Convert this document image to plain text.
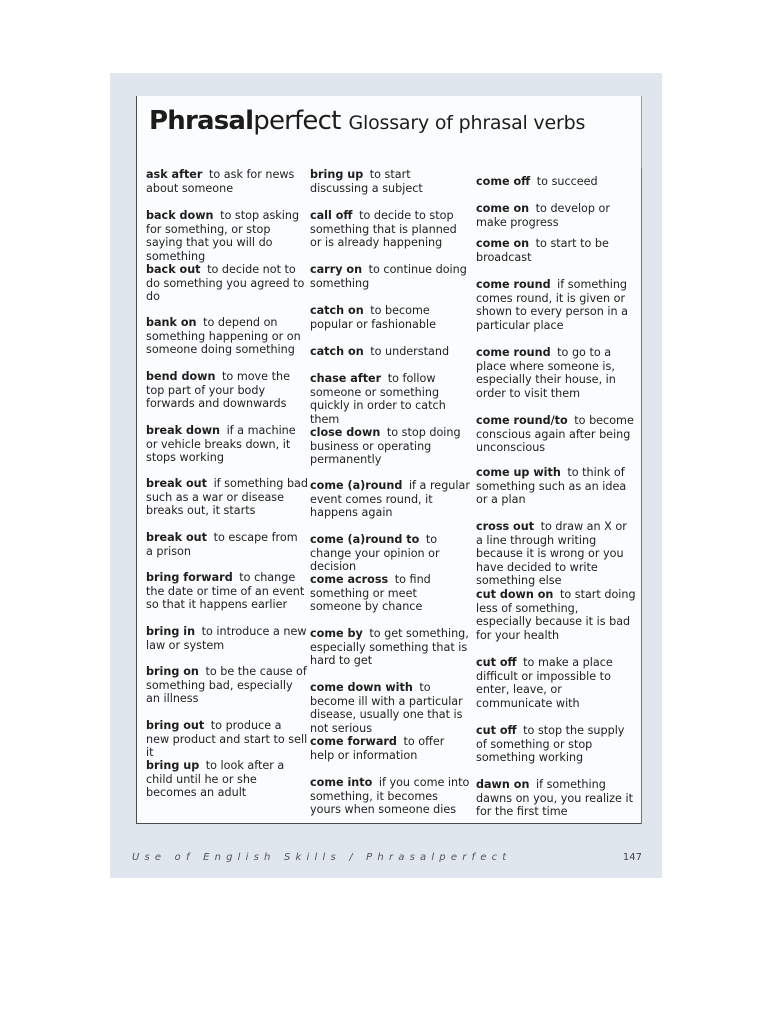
Phrasalperfect Glossary of phrasal verbs
ask after to ask for news about someone
back down to stop asking for something, or stop saying that you will do something
back out to decide not to do something you agreed to do
bank on to depend on something happening or on someone doing something
bend down to move the top part of your body forwards and downwards
break down if a machine or vehicle breaks down, it stops working
break out if something bad such as a war or disease breaks out, it starts
break out to escape from a prison
bring forward to change the date or time of an event so that it happens earlier
bring in to introduce a new law or system
bring on to be the cause of something bad, especially an illness
bring out to produce a new product and start to sell it
bring up to look after a child until he or she becomes an adult
bring up to start discussing a subject
call off to decide to stop something that is planned or is already happening
carry on to continue doing something
catch on to become popular or fashionable
catch on to understand
chase after to follow someone or something quickly in order to catch them
close down to stop doing business or operating permanently
come (a)round if a regular event comes round, it happens again
come (a)round to to change your opinion or decision
come across to find something or meet someone by chance
come by to get something, especially something that is hard to get
come down with to become ill with a particular disease, usually one that is not serious
come forward to offer help or information
come into if you come into something, it becomes yours when someone dies
come off to succeed
come on to develop or make progress
come on to start to be broadcast
come round if something comes round, it is given or shown to every person in a particular place
come round to go to a place where someone is, especially their house, in order to visit them
come round/to to become conscious again after being unconscious
come up with to think of something such as an idea or a plan
cross out to draw an X or a line through writing because it is wrong or you have decided to write something else
cut down on to start doing less of something, especially because it is bad for your health
cut off to make a place difficult or impossible to enter, leave, or communicate with
cut off to stop the supply of something or stop something working
dawn on if something dawns on you, you realize it for the first time
Use of English Skills / Phrasalperfect	147
